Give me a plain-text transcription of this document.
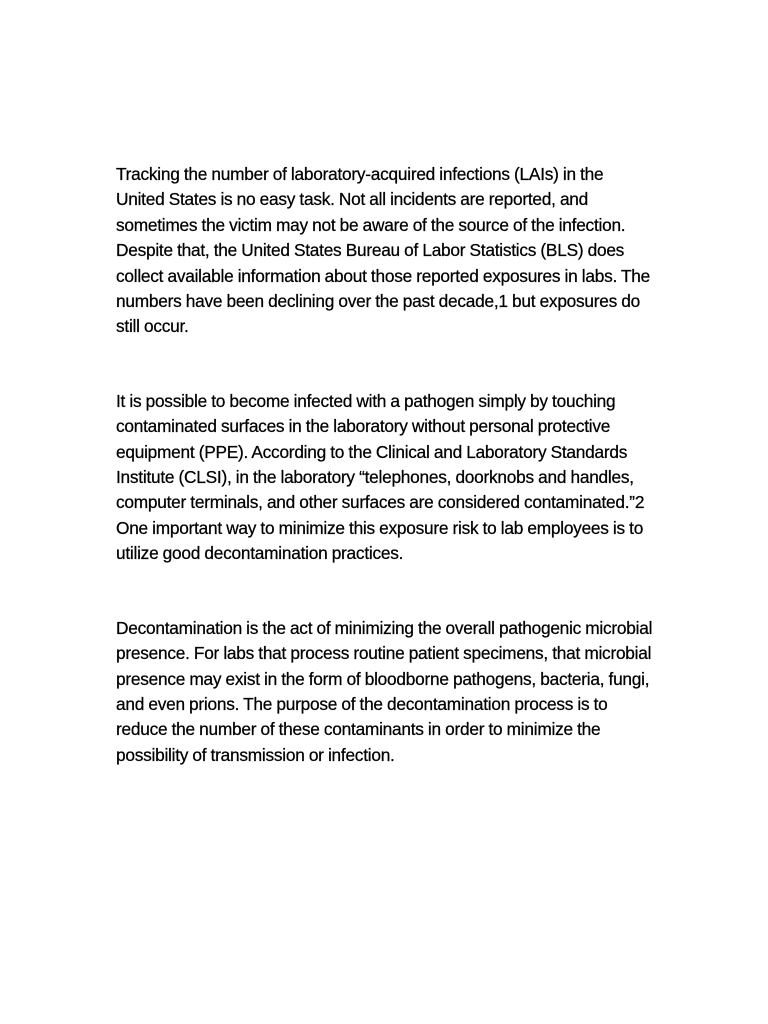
Tracking the number of laboratory-acquired infections (LAIs) in the United States is no easy task. Not all incidents are reported, and sometimes the victim may not be aware of the source of the infection. Despite that, the United States Bureau of Labor Statistics (BLS) does collect available information about those reported exposures in labs. The numbers have been declining over the past decade,1 but exposures do still occur.

It is possible to become infected with a pathogen simply by touching contaminated surfaces in the laboratory without personal protective equipment (PPE). According to the Clinical and Laboratory Standards Institute (CLSI), in the laboratory “telephones, doorknobs and handles, computer terminals, and other surfaces are considered contaminated.”2 One important way to minimize this exposure risk to lab employees is to utilize good decontamination practices.

Decontamination is the act of minimizing the overall pathogenic microbial presence. For labs that process routine patient specimens, that microbial presence may exist in the form of bloodborne pathogens, bacteria, fungi, and even prions. The purpose of the decontamination process is to reduce the number of these contaminants in order to minimize the possibility of transmission or infection.
